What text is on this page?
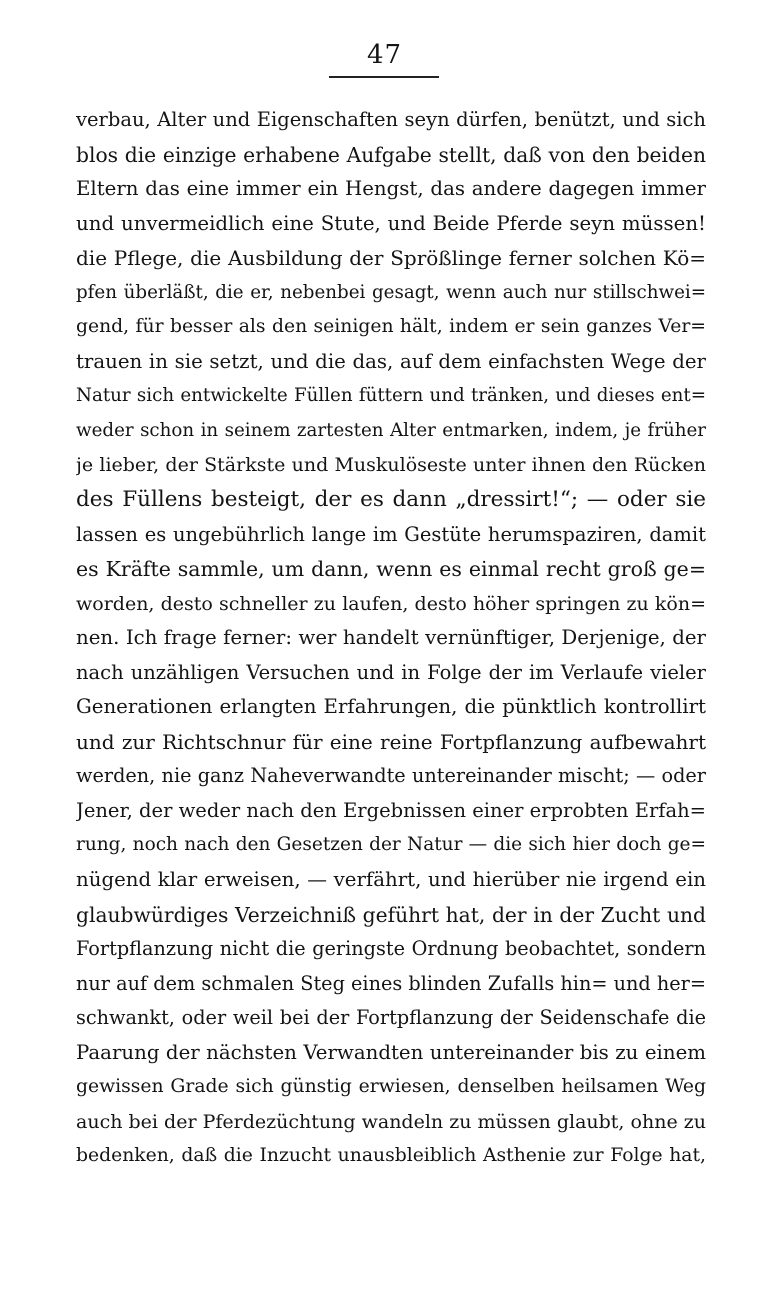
47
verbau, Alter und Eigenschaften seyn dürfen, benützt, und sich
blos die einzige erhabene Aufgabe stellt, daß von den beiden
Eltern das eine immer ein Hengst, das andere dagegen immer
und unvermeidlich eine Stute, und Beide Pferde seyn müssen!
die Pflege, die Ausbildung der Sprößlinge ferner solchen Kö=
pfen überläßt, die er, nebenbei gesagt, wenn auch nur stillschwei=
gend, für besser als den seinigen hält, indem er sein ganzes Ver=
trauen in sie setzt, und die das, auf dem einfachsten Wege der
Natur sich entwickelte Füllen füttern und tränken, und dieses ent=
weder schon in seinem zartesten Alter entmarken, indem, je früher
je lieber, der Stärkste und Muskulöseste unter ihnen den Rücken
des Füllens besteigt, der es dann „dressirt!“; — oder sie
lassen es ungebührlich lange im Gestüte herumspaziren, damit
es Kräfte sammle, um dann, wenn es einmal recht groß ge=
worden, desto schneller zu laufen, desto höher springen zu kön=
nen. Ich frage ferner: wer handelt vernünftiger, Derjenige, der
nach unzähligen Versuchen und in Folge der im Verlaufe vieler
Generationen erlangten Erfahrungen, die pünktlich kontrollirt
und zur Richtschnur für eine reine Fortpflanzung aufbewahrt
werden, nie ganz Naheverwandte untereinander mischt; — oder
Jener, der weder nach den Ergebnissen einer erprobten Erfah=
rung, noch nach den Gesetzen der Natur — die sich hier doch ge=
nügend klar erweisen, — verfährt, und hierüber nie irgend ein
glaubwürdiges Verzeichniß geführt hat, der in der Zucht und
Fortpflanzung nicht die geringste Ordnung beobachtet, sondern
nur auf dem schmalen Steg eines blinden Zufalls hin= und her=
schwankt, oder weil bei der Fortpflanzung der Seidenschafe die
Paarung der nächsten Verwandten untereinander bis zu einem
gewissen Grade sich günstig erwiesen, denselben heilsamen Weg
auch bei der Pferdezüchtung wandeln zu müssen glaubt, ohne zu
bedenken, daß die Inzucht unausbleiblich Asthenie zur Folge hat,
